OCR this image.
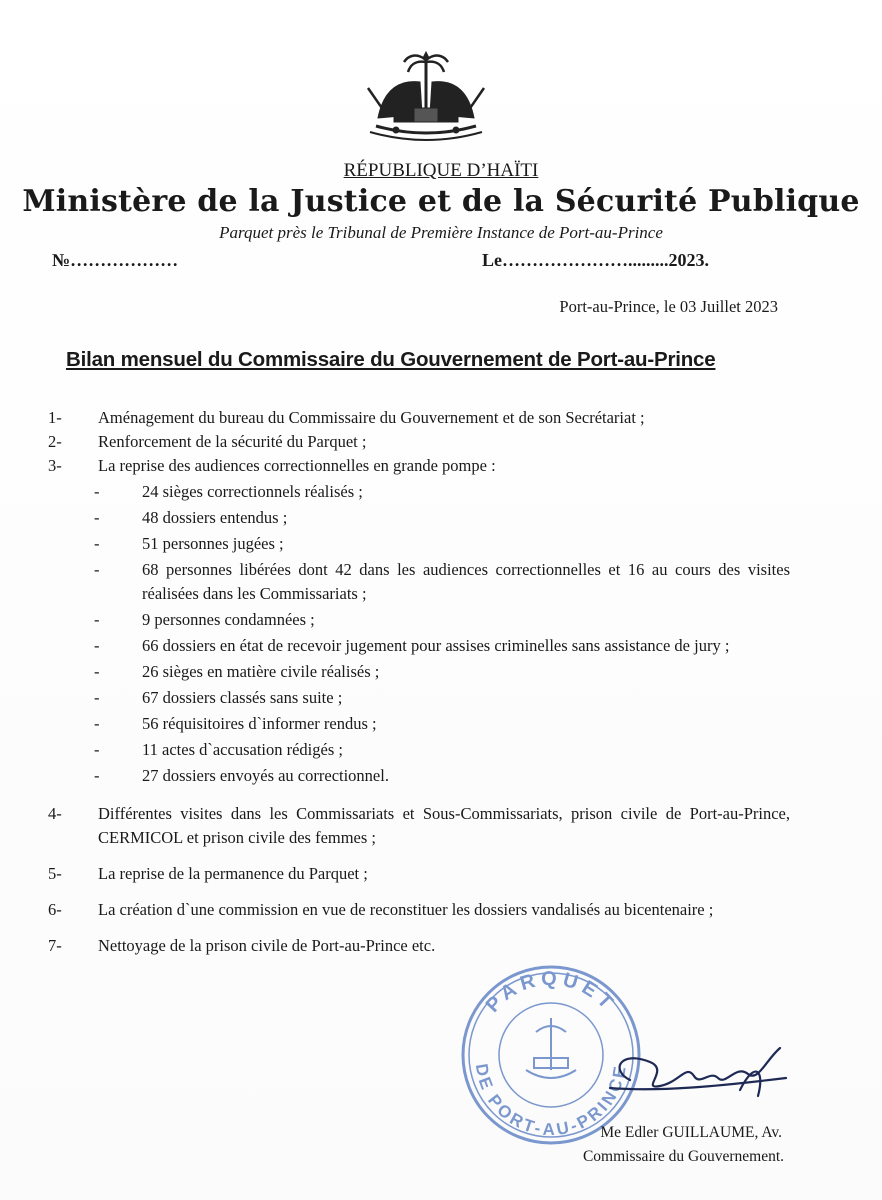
RÉPUBLIQUE D’HAÏTI
Ministère de la Justice et de la Sécurité Publique
Parquet près le Tribunal de Première Instance de Port-au-Prince
№………………	Le………………….........2023.
Port-au-Prince, le 03 Juillet 2023
Bilan mensuel du Commissaire du Gouvernement de Port-au-Prince
1- Aménagement du bureau du Commissaire du Gouvernement et de son Secrétariat ;
2- Renforcement de la sécurité du Parquet ;
3- La reprise des audiences correctionnelles en grande pompe :
-	24 sièges correctionnels réalisés ;
-	48 dossiers entendus ;
-	51 personnes jugées ;
-	68 personnes libérées dont 42 dans les audiences correctionnelles et 16 au cours des visites réalisées dans les Commissariats ;
-	9 personnes condamnées ;
-	66 dossiers en état de recevoir jugement pour assises criminelles sans assistance de jury ;
-	26 sièges en matière civile réalisés ;
-	67 dossiers classés sans suite ;
-	56 réquisitoires d`informer rendus ;
-	11 actes d`accusation rédigés ;
-	27 dossiers envoyés au correctionnel.
4- Différentes visites dans les Commissariats et Sous-Commissariats, prison civile de Port-au-Prince, CERMICOL et prison civile des femmes ;
5- La reprise de la permanence du Parquet ;
6- La création d`une commission en vue de reconstituer les dossiers vandalisés au bicentenaire ;
7- Nettoyage de la prison civile de Port-au-Prince etc.
PARQUET
DE PORT-AU-PRINCE
Me Edler GUILLAUME, Av.
Commissaire du Gouvernement.
